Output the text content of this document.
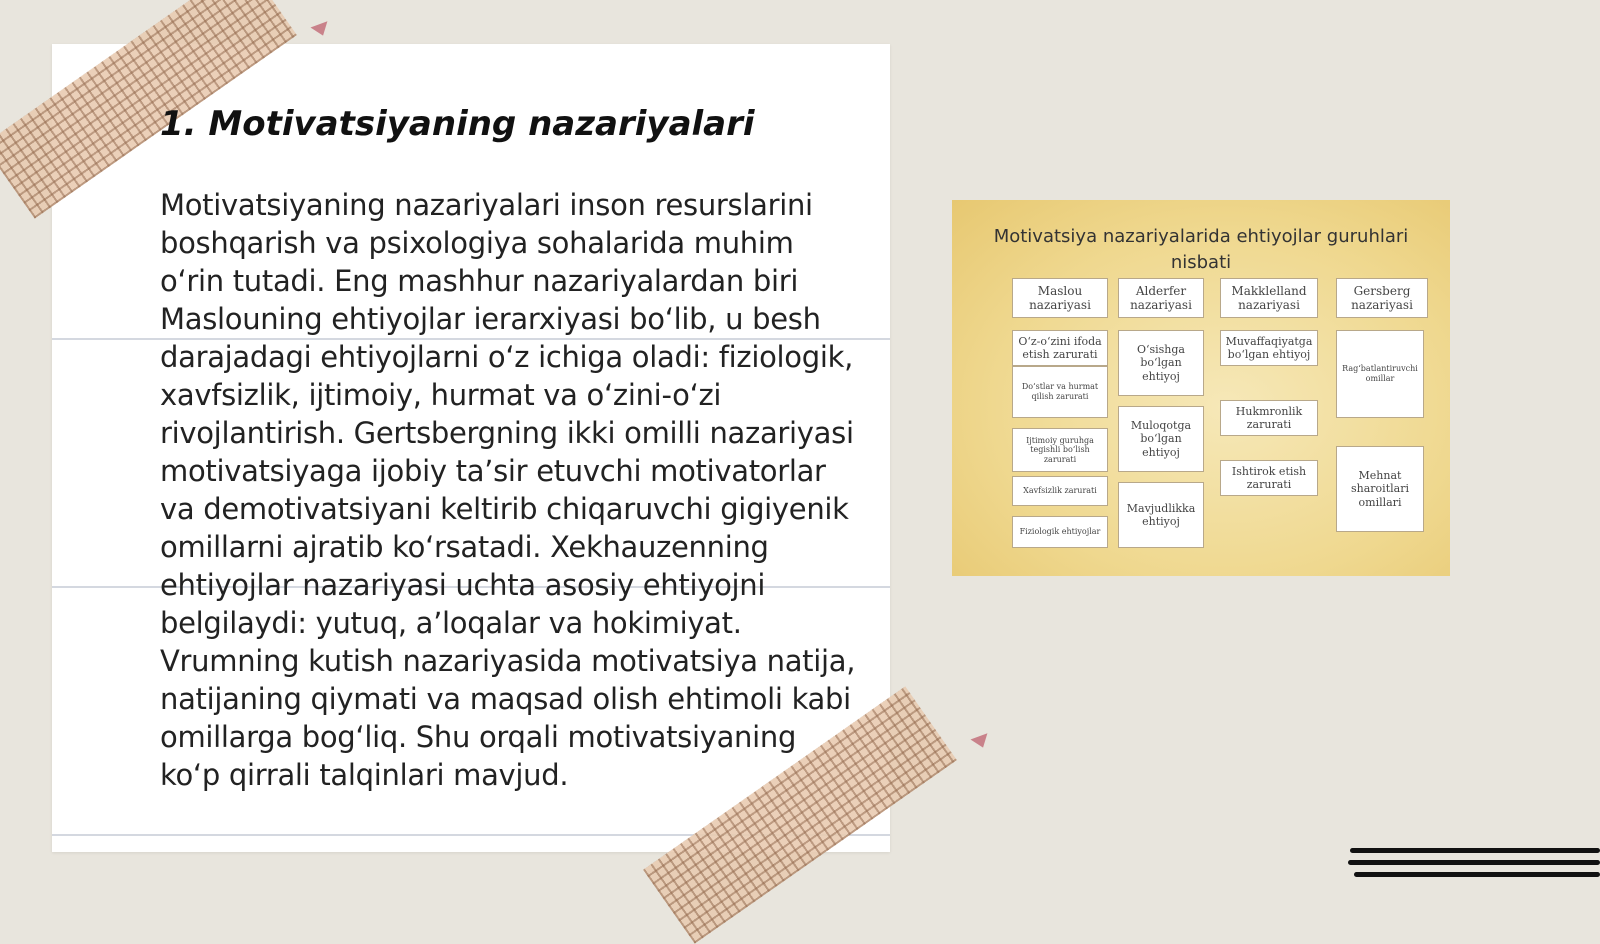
1. Motivatsiyaning nazariyalari

Motivatsiyaning nazariyalari inson resurslarini boshqarish va psixologiya sohalarida muhim o‘rin tutadi. Eng mashhur nazariyalardan biri Maslouning ehtiyojlar ierarxiyasi bo‘lib, u besh darajadagi ehtiyojlarni o‘z ichiga oladi: fiziologik, xavfsizlik, ijtimoiy, hurmat va o‘zini-o‘zi rivojlantirish. Gertsbergning ikki omilli nazariyasi motivatsiyaga ijobiy ta’sir etuvchi motivatorlar va demotivatsiyani keltirib chiqaruvchi gigiyenik omillarni ajratib ko‘rsatadi. Xekhauzenning ehtiyojlar nazariyasi uchta asosiy ehtiyojni belgilaydi: yutuq, a’loqalar va hokimiyat. Vrumning kutish nazariyasida motivatsiya natija, natijaning qiymati va maqsad olish ehtimoli kabi omillarga bog‘liq. Shu orqali motivatsiyaning ko‘p qirrali talqinlari mavjud.

Motivatsiya nazariyalarida ehtiyojlar guruhlari nisbati
Maslou nazariyasi
Alderfer nazariyasi
Makklelland nazariyasi
Gersberg nazariyasi
O‘z-o‘zini ifoda etish zarurati
Do‘stlar va hurmat qilish zarurati
Ijtimoiy guruhga tegishli bo‘lish zarurati
Xavfsizlik zarurati
Fiziologik ehtiyojlar
O‘sishga bo‘lgan ehtiyoj
Muloqotga bo‘lgan ehtiyoj
Mavjudlikka ehtiyoj
Muvaffaqiyatga bo‘lgan ehtiyoj
Hukmronlik zarurati
Ishtirok etish zarurati
Rag‘batlantiruvchi omillar
Mehnat sharoitlari omillari
